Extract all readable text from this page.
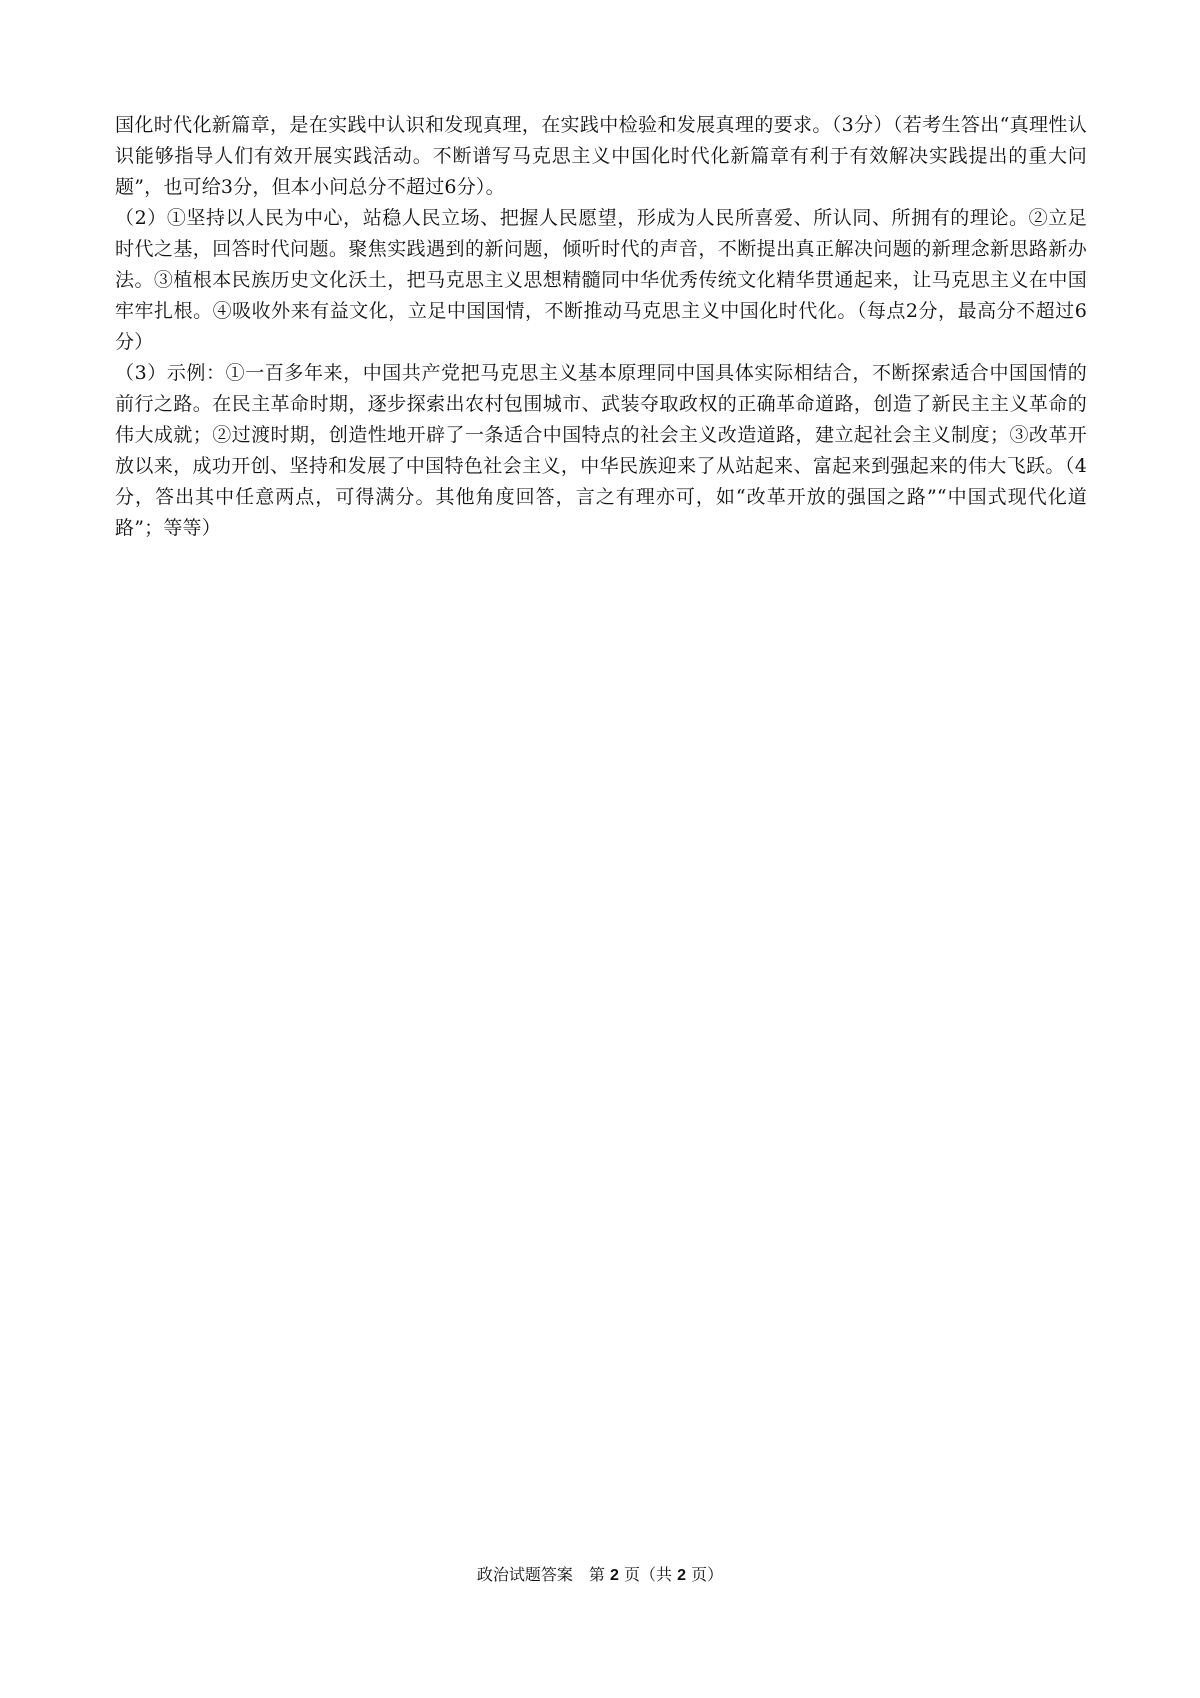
国化时代化新篇章，是在实践中认识和发现真理，在实践中检验和发展真理的要求。（3分）（若考生答出“真理性认识能够指导人们有效开展实践活动。不断谱写马克思主义中国化时代化新篇章有利于有效解决实践提出的重大问题”，也可给3分，但本小问总分不超过6分）。

（2）①坚持以人民为中心，站稳人民立场、把握人民愿望，形成为人民所喜爱、所认同、所拥有的理论。②立足时代之基，回答时代问题。聚焦实践遇到的新问题，倾听时代的声音，不断提出真正解决问题的新理念新思路新办法。③植根本民族历史文化沃土，把马克思主义思想精髓同中华优秀传统文化精华贯通起来，让马克思主义在中国牢牢扎根。④吸收外来有益文化，立足中国国情，不断推动马克思主义中国化时代化。（每点2分，最高分不超过6分）

（3）示例：①一百多年来，中国共产党把马克思主义基本原理同中国具体实际相结合，不断探索适合中国国情的前行之路。在民主革命时期，逐步探索出农村包围城市、武装夺取政权的正确革命道路，创造了新民主主义革命的伟大成就；②过渡时期，创造性地开辟了一条适合中国特点的社会主义改造道路，建立起社会主义制度；③改革开放以来，成功开创、坚持和发展了中国特色社会主义，中华民族迎来了从站起来、富起来到强起来的伟大飞跃。（4分，答出其中任意两点，可得满分。其他角度回答，言之有理亦可，如“改革开放的强国之路”“中国式现代化道路”；等等）

政治试题答案　第 2 页（共 2 页）
